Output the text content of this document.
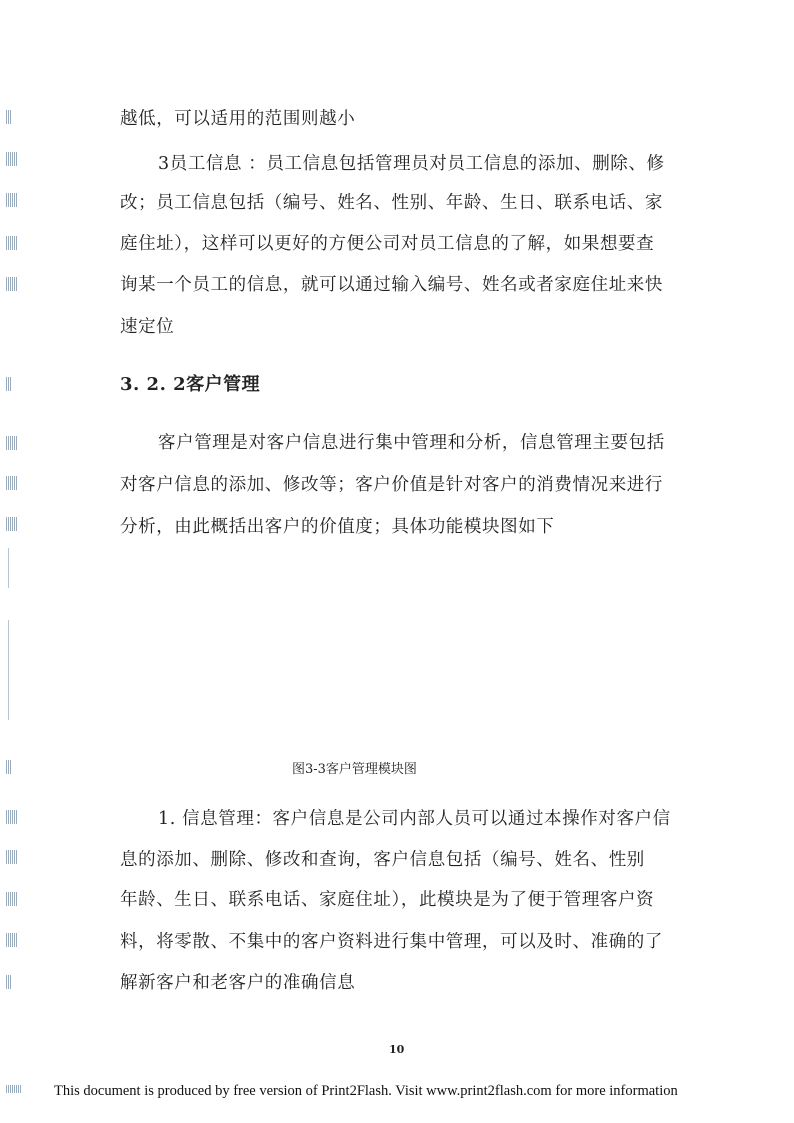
越低，可以适用的范围则越小
3员工信息 ：员工信息包括管理员对员工信息的添加、删除、修
改；员工信息包括（编号、姓名、性别、年龄、生日、联系电话、家
庭住址），这样可以更好的方便公司对员工信息的了解，如果想要查
询某一个员工的信息，就可以通过输入编号、姓名或者家庭住址来快
速定位
3. 2. 2客户管理
客户管理是对客户信息进行集中管理和分析，信息管理主要包括
对客户信息的添加、修改等；客户价值是针对客户的消费情况来进行
分析，由此概括出客户的价值度；具体功能模块图如下
图3-3客户管理模块图
1. 信息管理：客户信息是公司内部人员可以通过本操作对客户信
息的添加、删除、修改和查询，客户信息包括（编号、姓名、性别
年龄、生日、联系电话、家庭住址），此模块是为了便于管理客户资
料，将零散、不集中的客户资料进行集中管理，可以及时、准确的了
解新客户和老客户的准确信息
10
This document is produced by free version of Print2Flash. Visit www.print2flash.com for more information
